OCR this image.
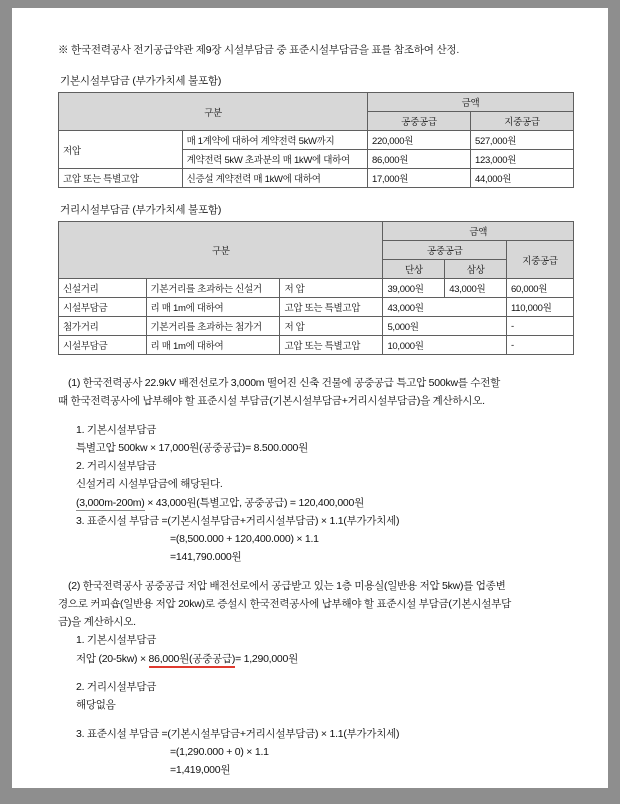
※ 한국전력공사 전기공급약관 제9장 시설부담금 중 표준시설부담금을 표를 참조하여 산정.
기본시설부담금 (부가가치세 불포함)
구분		금액	
		공중공급	지중공급
저압	매 1계약에 대하여 계약전력 5kW까지	220,000원	527,000원
	계약전력 5kW 초과분의 매 1kW에 대하여	86,000원	123,000원
고압 또는 특별고압	신증설 계약전력 매 1kW에 대하여	17,000원	44,000원
거리시설부담금 (부가가치세 불포함)
구분			금액		
			공중공급		지중공급
			단상	삼상	
신설거리	기본거리를 초과하는 신설거	저 압	39,000원	43,000원	60,000원
시설부담금	리 매 1m에 대하여	고압 또는 특별고압	43,000원		110,000원
첨가거리	기본거리를 초과하는 첨가거	저 압	5,000원		-
시설부담금	리 매 1m에 대하여	고압 또는 특별고압	10,000원		-
(1) 한국전력공사 22.9kV 배전선로가 3,000m 떨어진 신축 건물에 공중공급 특고압 500kw를 수전할
때 한국전력공사에 납부해야 할 표준시설 부담금(기본시설부담금+거리시설부담금)을 계산하시오.
1. 기본시설부담금
특별고압 500kw × 17,000원(공중공급)= 8.500.000원
2. 거리시설부담금
신설거리 시설부담금에 해당된다.
(3,000m-200m) × 43,000원(특별고압, 공중공급) = 120,400,000원
3. 표준시설 부담금 =(기본시설부담금+거리시설부담금) × 1.1(부가가치세)
=(8,500.000 + 120,400.000) × 1.1
=141,790.000원
(2) 한국전력공사 공중공급 저압 배전선로에서 공급받고 있는 1층 미용실(일반용 저압 5kw)를 업종변
경으로 커피숍(일반용 저압 20kw)로 증설시 한국전력공사에 납부해야 할 표준시설 부담금(기본시설부담
금)을 계산하시오.
1. 기본시설부담금
저압 (20-5kw) × 86,000원(공중공급)= 1,290,000원
2. 거리시설부담금
해당없음
3. 표준시설 부담금 =(기본시설부담금+거리시설부담금) × 1.1(부가가치세)
=(1,290.000 + 0) × 1.1
=1,419,000원
